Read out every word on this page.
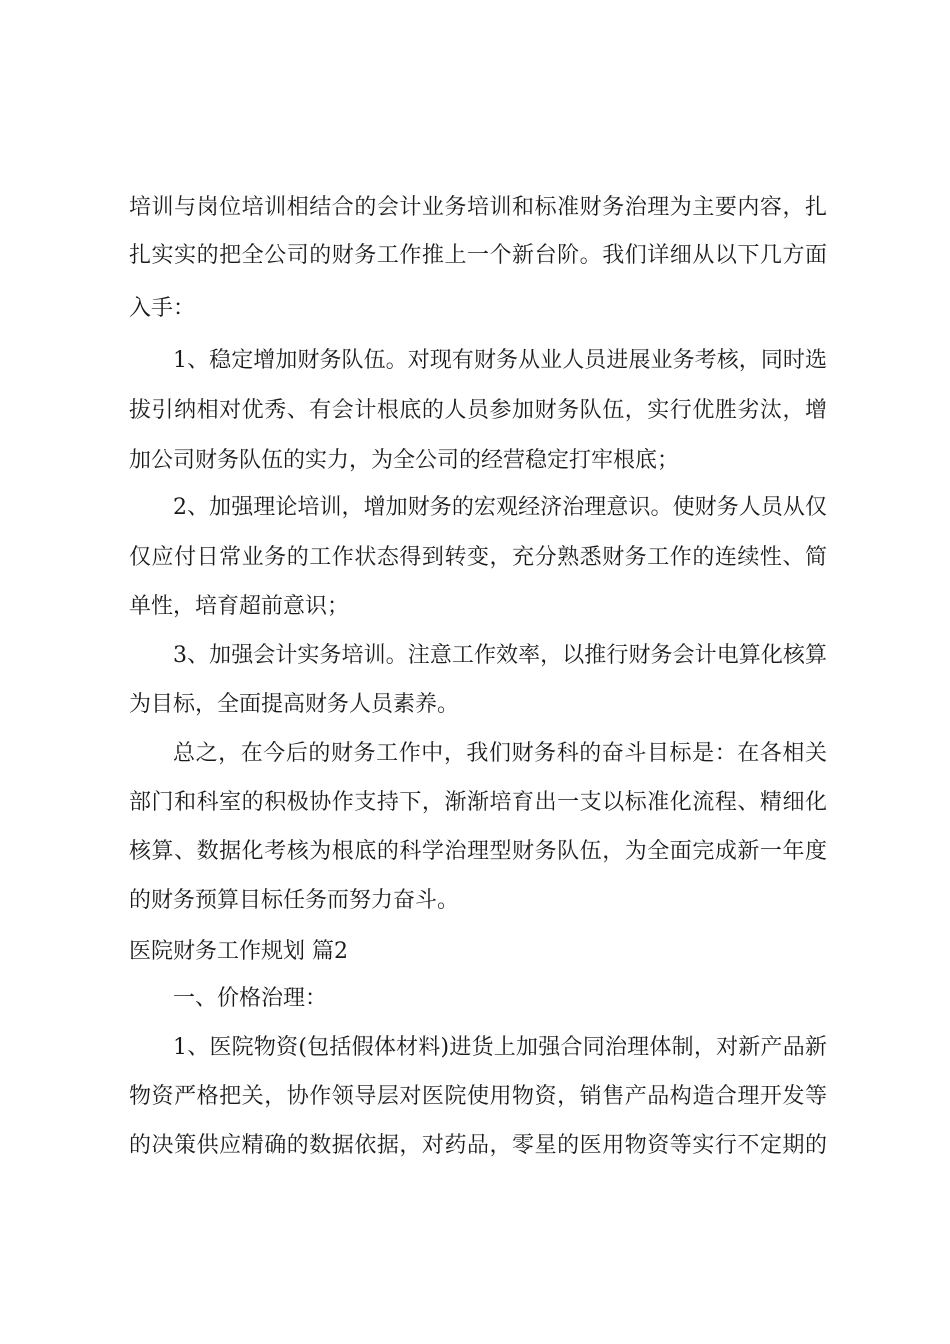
培训与岗位培训相结合的会计业务培训和标准财务治理为主要内容，扎
扎实实的把全公司的财务工作推上一个新台阶。我们详细从以下几方面
入手：
1、稳定增加财务队伍。对现有财务从业人员进展业务考核，同时选
拔引纳相对优秀、有会计根底的人员参加财务队伍，实行优胜劣汰，增
加公司财务队伍的实力，为全公司的经营稳定打牢根底；
2、加强理论培训，增加财务的宏观经济治理意识。使财务人员从仅
仅应付日常业务的工作状态得到转变，充分熟悉财务工作的连续性、简
单性，培育超前意识；
3、加强会计实务培训。注意工作效率，以推行财务会计电算化核算
为目标，全面提高财务人员素养。
总之，在今后的财务工作中，我们财务科的奋斗目标是：在各相关
部门和科室的积极协作支持下，渐渐培育出一支以标准化流程、精细化
核算、数据化考核为根底的科学治理型财务队伍，为全面完成新一年度
的财务预算目标任务而努力奋斗。
医院财务工作规划 篇2
一、价格治理：
1、医院物资(包括假体材料)进货上加强合同治理体制，对新产品新
物资严格把关，协作领导层对医院使用物资，销售产品构造合理开发等
的决策供应精确的数据依据，对药品，零星的医用物资等实行不定期的
